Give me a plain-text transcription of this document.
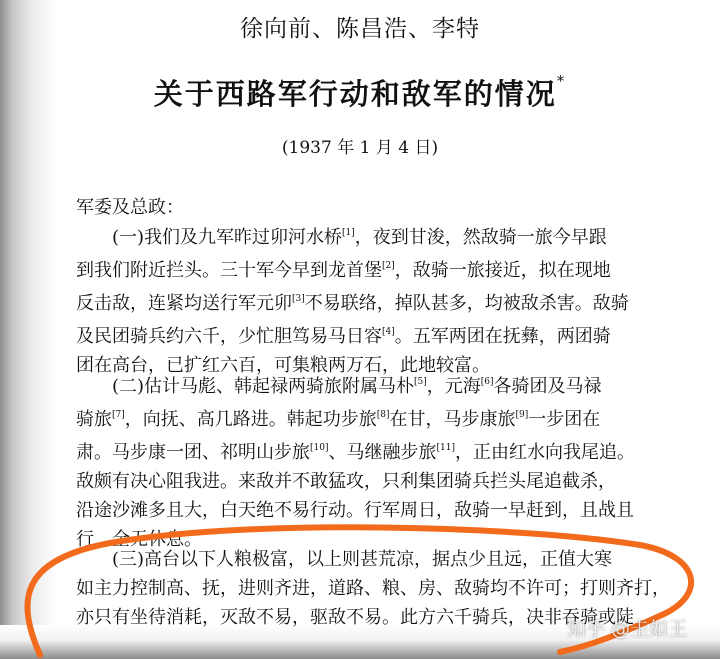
徐向前、陈昌浩、李特
关于西路军行动和敌军的情况*
(1937 年 1 月 4 日)
军委及总政：
(一)我们及九军昨过卯河水桥[1]，夜到甘浚，然敌骑一旅今早跟
到我们附近拦头。三十军今早到龙首堡[2]，敌骑一旅接近，拟在现地
反击敌，连紧均送行军元卯[3]不易联络，掉队甚多，均被敌杀害。敌骑
及民团骑兵约六千，少忙胆笃易马日容[4]。五军两团在抚彝，两团骑
团在高台，已扩红六百，可集粮两万石，此地较富。
(二)估计马彪、韩起禄两骑旅附属马朴[5]，元海[6]各骑团及马禄
骑旅[7]，向抚、高几路进。韩起功步旅[8]在甘，马步康旅[9]一步团在
肃。马步康一团、祁明山步旅[10]、马继融步旅[11]，正由红水向我尾追。
敌颇有决心阻我进。来敌并不敢猛攻，只利集团骑兵拦头尾追截杀，
沿途沙滩多且大，白天绝不易行动。行军周日，敌骑一早赶到，且战且
行，全无休息。
(三)高台以下人粮极富，以上则甚荒凉，据点少且远，正值大寒
如主力控制高、抚，进则齐进，道路、粮、房、敌骑均不许可；打则齐打，
亦只有坐待消耗，灭敌不易，驱敌不易。此方六千骑兵，决非吞骑或陡
知乎 @圭如王
